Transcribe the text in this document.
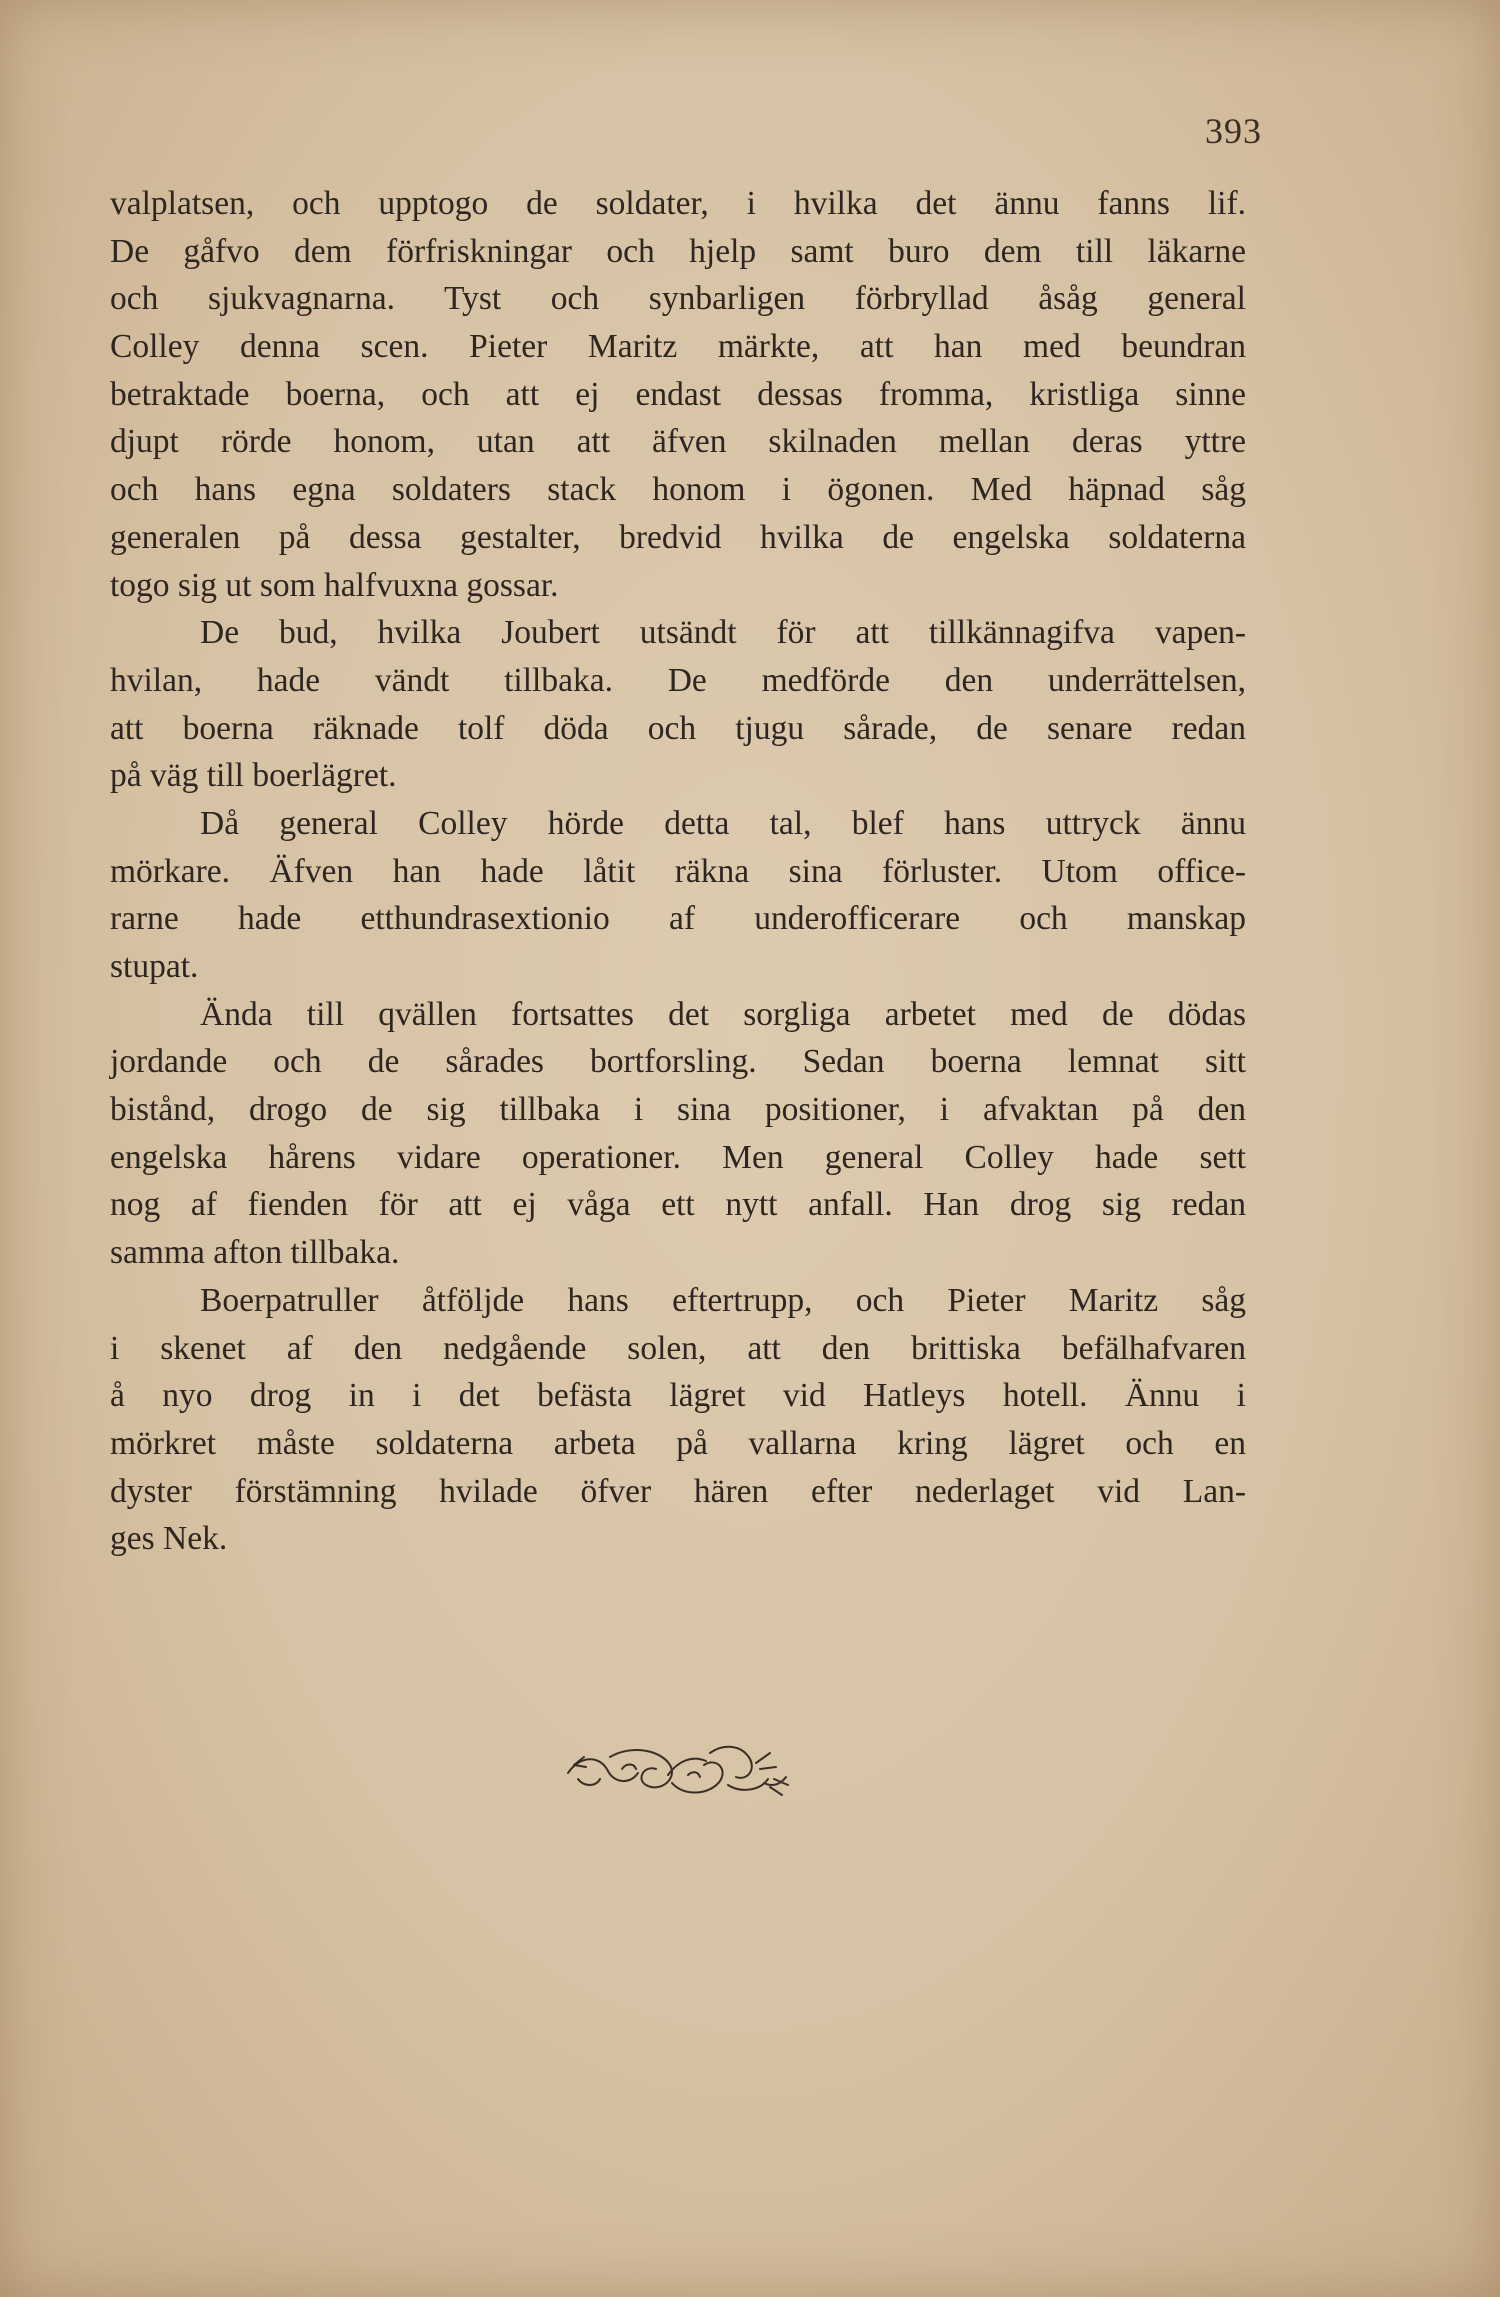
393
valplatsen, och upptogo de soldater, i hvilka det ännu fanns lif.
De gåfvo dem förfriskningar och hjelp samt buro dem till läkarne
och sjukvagnarna. Tyst och synbarligen förbryllad åsåg general
Colley denna scen. Pieter Maritz märkte, att han med beundran
betraktade boerna, och att ej endast dessas fromma, kristliga sinne
djupt rörde honom, utan att äfven skilnaden mellan deras yttre
och hans egna soldaters stack honom i ögonen. Med häpnad såg
generalen på dessa gestalter, bredvid hvilka de engelska soldaterna
togo sig ut som halfvuxna gossar.
De bud, hvilka Joubert utsändt för att tillkännagifva vapen-
hvilan, hade vändt tillbaka. De medförde den underrättelsen,
att boerna räknade tolf döda och tjugu sårade, de senare redan
på väg till boerlägret.
Då general Colley hörde detta tal, blef hans uttryck ännu
mörkare. Äfven han hade låtit räkna sina förluster. Utom office-
rarne hade etthundrasextionio af underofficerare och manskap
stupat.
Ända till qvällen fortsattes det sorgliga arbetet med de dödas
jordande och de sårades bortforsling. Sedan boerna lemnat sitt
bistånd, drogo de sig tillbaka i sina positioner, i afvaktan på den
engelska hårens vidare operationer. Men general Colley hade sett
nog af fienden för att ej våga ett nytt anfall. Han drog sig redan
samma afton tillbaka.
Boerpatruller åtföljde hans eftertrupp, och Pieter Maritz såg
i skenet af den nedgående solen, att den brittiska befälhafvaren
å nyo drog in i det befästa lägret vid Hatleys hotell. Ännu i
mörkret måste soldaterna arbeta på vallarna kring lägret och en
dyster förstämning hvilade öfver hären efter nederlaget vid Lan-
ges Nek.
